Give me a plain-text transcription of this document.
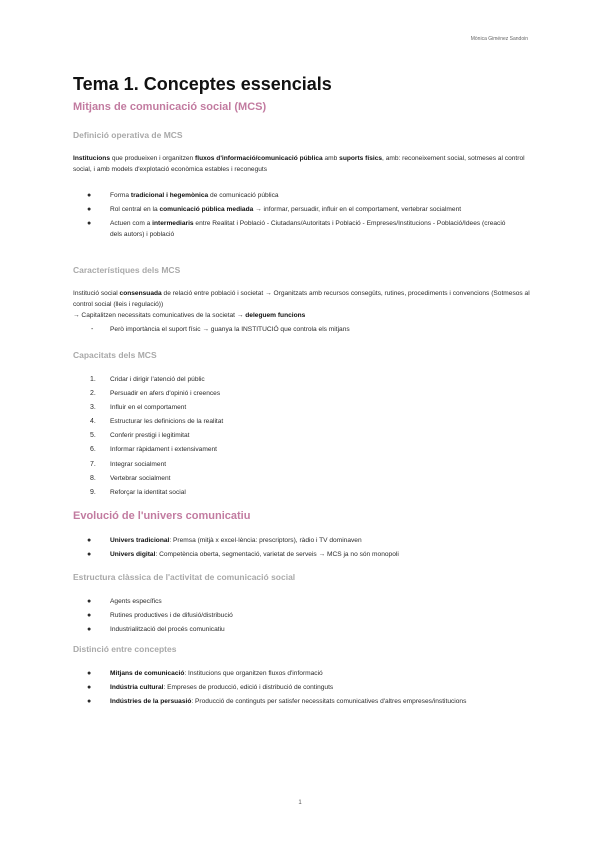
Mònica Giménez Sandoin
Tema 1. Conceptes essencials
Mitjans de comunicació social (MCS)
Definició operativa de MCS

Institucions que produeixen i organitzen fluxos d'informació/comunicació pública amb suports físics, amb: reconeixement social, sotmeses al control social, i amb models d'explotació econòmica estables i reconeguts

●	Forma tradicional i hegemònica de comunicació pública
●	Rol central en la comunicació pública mediada → informar, persuadir, influir en el comportament, vertebrar socialment
●	Actuen com a intermediaris entre Realitat i Població - Ciutadans/Autoritats i Població - Empreses/Institucions - Població/Idees (creació dels autors) i població
Característiques dels MCS

Institució social consensuada de relació entre població i societat → Organitzats amb recursos consegüts, rutines, procediments i convencions (Sotmesos al control social (lleis i regulació))
→ Capitalitzen necessitats comunicatives de la societat → deleguem funcions

-	Però importància el suport físic → guanya la INSTITUCIÓ que controla els mitjans
Capacitats dels MCS
1. Cridar i dirigir l'atenció del públic
2. Persuadir en afers d'opinió i creences
3. Influir en el comportament
4. Estructurar les definicions de la realitat
5. Conferir prestigi i legitimitat
6. Informar ràpidament i extensivament
7. Integrar socialment
8. Vertebrar socialment
9. Reforçar la identitat social
Evolució de l'univers comunicatiu
●	Univers tradicional: Premsa (mitjà x excel·lència: prescriptors), ràdio i TV dominaven
●	Univers digital: Competència oberta, segmentació, varietat de serveis → MCS ja no són monopoli
Estructura clàssica de l'activitat de comunicació social
●	Agents específics
●	Rutines productives i de difusió/distribució
●	Industrialització del procés comunicatiu
Distinció entre conceptes
●	Mitjans de comunicació: Institucions que organitzen fluxos d'informació
●	Indústria cultural: Empreses de producció, edició i distribució de continguts
●	Indústries de la persuasió: Producció de continguts per satisfer necessitats comunicatives d'altres empreses/institucions
1
